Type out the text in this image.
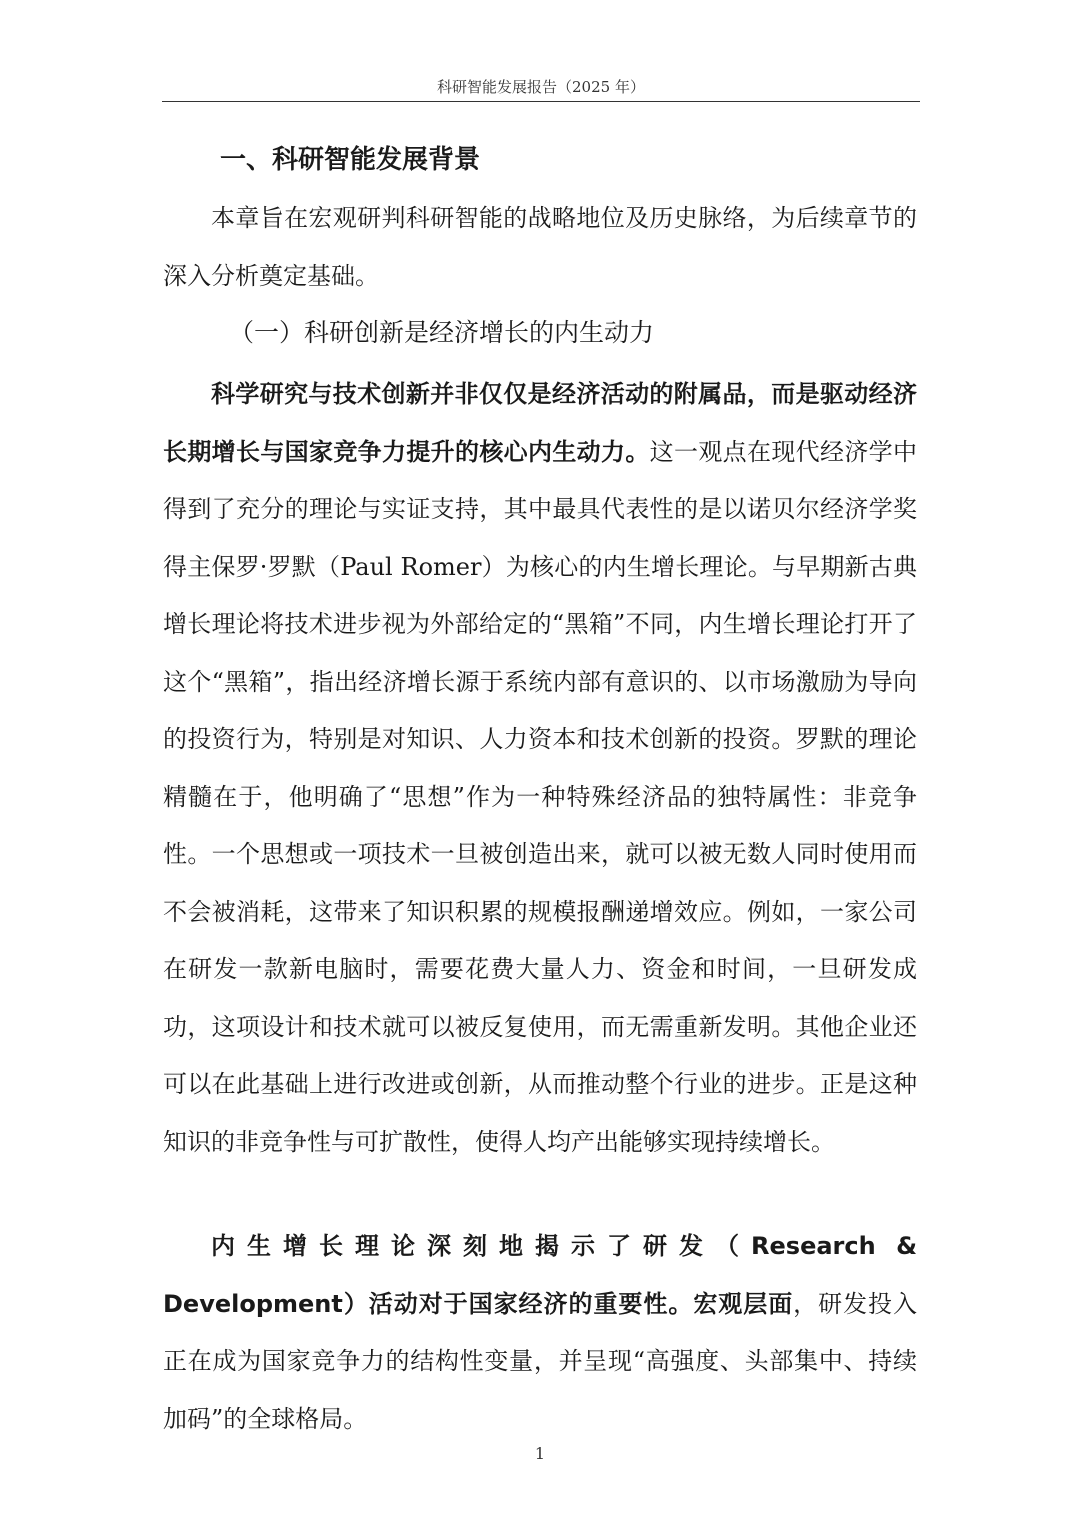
科研智能发展报告（2025 年）
一、科研智能发展背景

本章旨在宏观研判科研智能的战略地位及历史脉络，为后续章节的深入分析奠定基础。

（一）科研创新是经济增长的内生动力

科学研究与技术创新并非仅仅是经济活动的附属品，而是驱动经济长期增长与国家竞争力提升的核心内生动力。这一观点在现代经济学中得到了充分的理论与实证支持，其中最具代表性的是以诺贝尔经济学奖得主保罗·罗默（Paul Romer）为核心的内生增长理论。与早期新古典增长理论将技术进步视为外部给定的“黑箱”不同，内生增长理论打开了这个“黑箱”，指出经济增长源于系统内部有意识的、以市场激励为导向的投资行为，特别是对知识、人力资本和技术创新的投资。罗默的理论精髓在于，他明确了“思想”作为一种特殊经济品的独特属性：非竞争性。一个思想或一项技术一旦被创造出来，就可以被无数人同时使用而不会被消耗，这带来了知识积累的规模报酬递增效应。例如，一家公司在研发一款新电脑时，需要花费大量人力、资金和时间，一旦研发成功，这项设计和技术就可以被反复使用，而无需重新发明。其他企业还可以在此基础上进行改进或创新，从而推动整个行业的进步。正是这种知识的非竞争性与可扩散性，使得人均产出能够实现持续增长。

内生增长理论深刻地揭示了研发（Research & Development）活动对于国家经济的重要性。宏观层面，研发投入正在成为国家竞争力的结构性变量，并呈现“高强度、头部集中、持续加码”的全球格局。

1
